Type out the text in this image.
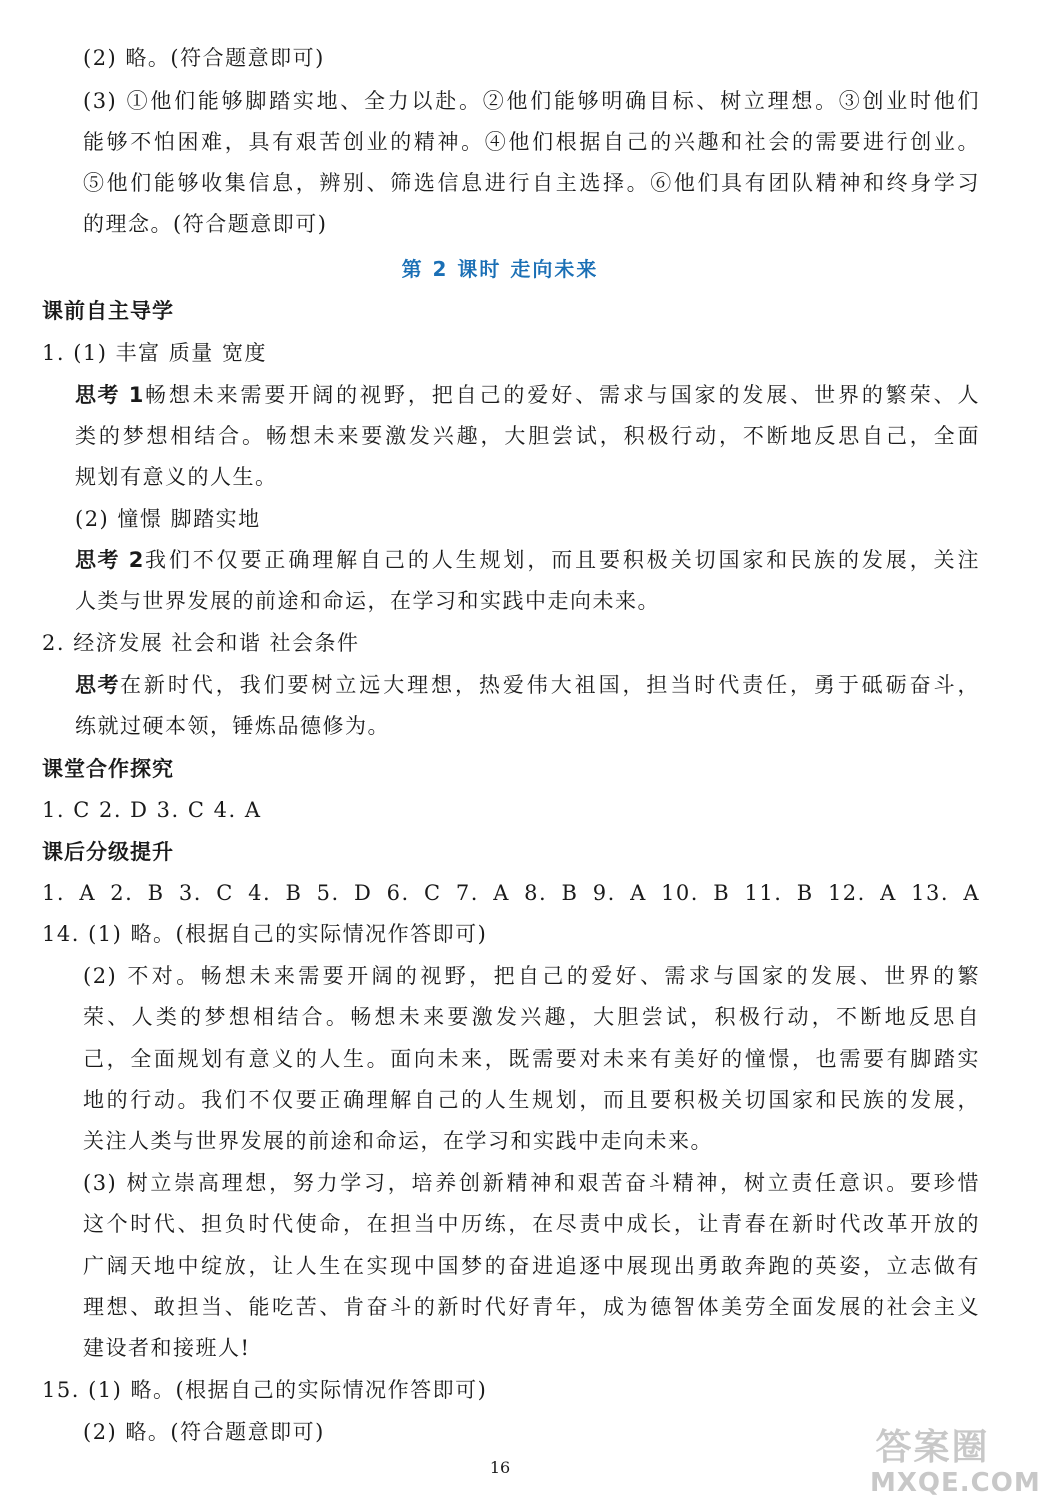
(2) 略。(符合题意即可)
(3) ①他们能够脚踏实地、全力以赴。②他们能够明确目标、树立理想。③创业时他们
能够不怕困难，具有艰苦创业的精神。④他们根据自己的兴趣和社会的需要进行创业。
⑤他们能够收集信息，辨别、筛选信息进行自主选择。⑥他们具有团队精神和终身学习
的理念。(符合题意即可)
第 2 课时 走向未来
课前自主导学
1. (1) 丰富 质量 宽度
思考 1 畅想未来需要开阔的视野，把自己的爱好、需求与国家的发展、世界的繁荣、人
类的梦想相结合。畅想未来要激发兴趣，大胆尝试，积极行动，不断地反思自己，全面
规划有意义的人生。
(2) 憧憬 脚踏实地
思考 2 我们不仅要正确理解自己的人生规划，而且要积极关切国家和民族的发展，关注
人类与世界发展的前途和命运，在学习和实践中走向未来。
2. 经济发展 社会和谐 社会条件
思考 在新时代，我们要树立远大理想，热爱伟大祖国，担当时代责任，勇于砥砺奋斗，
练就过硬本领，锤炼品德修为。
课堂合作探究
1. C 2. D 3. C 4. A
课后分级提升
1. A 2. B 3. C 4. B 5. D 6. C 7. A 8. B 9. A 10. B 11. B 12. A 13. A
14. (1) 略。(根据自己的实际情况作答即可)
(2) 不对。畅想未来需要开阔的视野，把自己的爱好、需求与国家的发展、世界的繁
荣、人类的梦想相结合。畅想未来要激发兴趣，大胆尝试，积极行动，不断地反思自
己，全面规划有意义的人生。面向未来，既需要对未来有美好的憧憬，也需要有脚踏实
地的行动。我们不仅要正确理解自己的人生规划，而且要积极关切国家和民族的发展，
关注人类与世界发展的前途和命运，在学习和实践中走向未来。
(3) 树立崇高理想，努力学习，培养创新精神和艰苦奋斗精神，树立责任意识。要珍惜
这个时代、担负时代使命，在担当中历练，在尽责中成长，让青春在新时代改革开放的
广阔天地中绽放，让人生在实现中国梦的奋进追逐中展现出勇敢奔跑的英姿，立志做有
理想、敢担当、能吃苦、肯奋斗的新时代好青年，成为德智体美劳全面发展的社会主义
建设者和接班人!
15. (1) 略。(根据自己的实际情况作答即可)
(2) 略。(符合题意即可)
16	答案圈
MXQE.COM
